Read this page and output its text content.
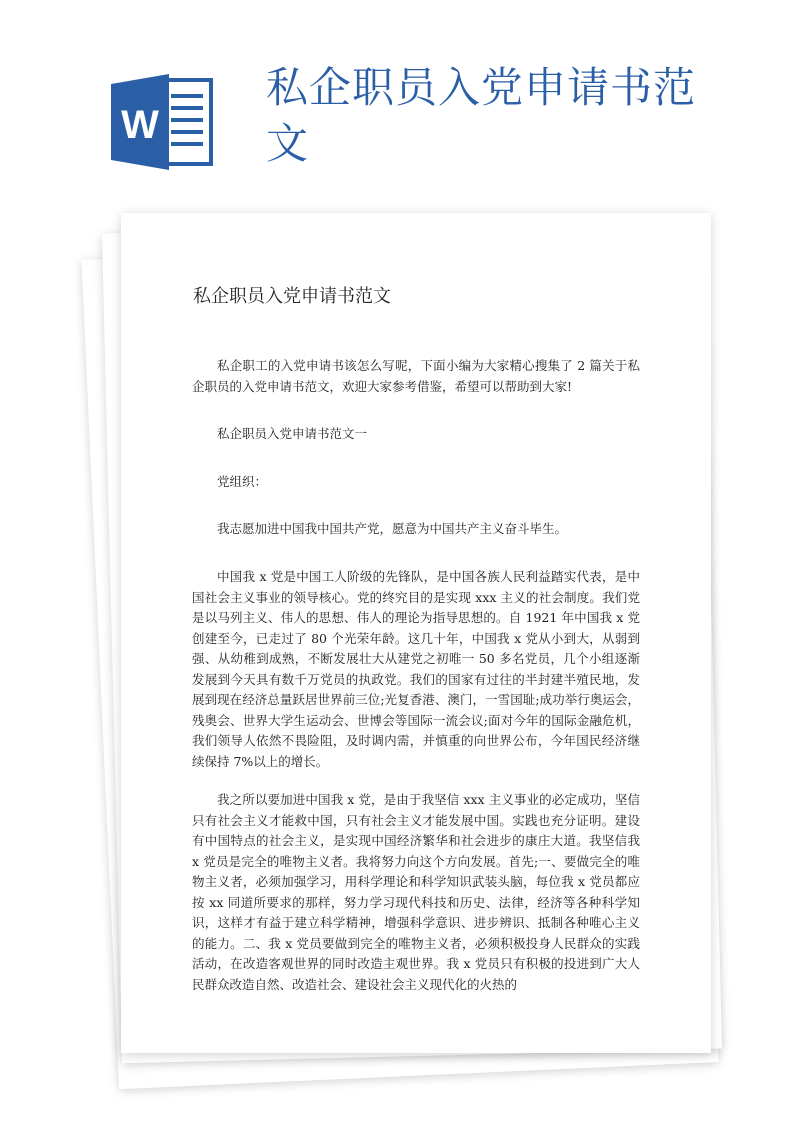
W
私企职员入党申请书范文
私企职员入党申请书范文
私企职工的入党申请书该怎么写呢，下面小编为大家精心搜集了 2 篇关于私企职员的入党申请书范文，欢迎大家参考借鉴，希望可以帮助到大家!
私企职员入党申请书范文一
党组织：
我志愿加进中国我中国共产党，愿意为中国共产主义奋斗毕生。
中国我 x 党是中国工人阶级的先锋队，是中国各族人民利益踏实代表，是中国社会主义事业的领导核心。党的终究目的是实现 xxx 主义的社会制度。我们党是以马列主义、伟人的思想、伟人的理论为指导思想的。自 1921 年中国我 x 党创建至今，已走过了 80 个光荣年龄。这几十年，中国我 x 党从小到大，从弱到强、从幼稚到成熟，不断发展壮大从建党之初唯一 50 多名党员，几个小组逐渐发展到今天具有数千万党员的执政党。我们的国家有过往的半封建半殖民地，发展到现在经济总量跃居世界前三位;光复香港、澳门，一雪国耻;成功举行奥运会，残奥会、世界大学生运动会、世博会等国际一流会议;面对今年的国际金融危机，我们领导人依然不畏险阻，及时调内需，并慎重的向世界公布，今年国民经济继续保持 7%以上的增长。
我之所以要加进中国我 x 党，是由于我坚信 xxx 主义事业的必定成功，坚信只有社会主义才能救中国，只有社会主义才能发展中国。实践也充分证明。建设有中国特点的社会主义，是实现中国经济繁华和社会进步的康庄大道。我坚信我 x 党员是完全的唯物主义者。我将努力向这个方向发展。首先;一、要做完全的唯物主义者，必须加强学习，用科学理论和科学知识武装头脑，每位我 x 党员都应按 xx 同道所要求的那样，努力学习现代科技和历史、法律，经济等各种科学知识，这样才有益于建立科学精神，增强科学意识、进步辨识、抵制各种唯心主义的能力。二、我 x 党员要做到完全的唯物主义者，必须积极投身人民群众的实践活动，在改造客观世界的同时改造主观世界。我 x 党员只有积极的投进到广大人民群众改造自然、改造社会、建设社会主义现代化的火热的
